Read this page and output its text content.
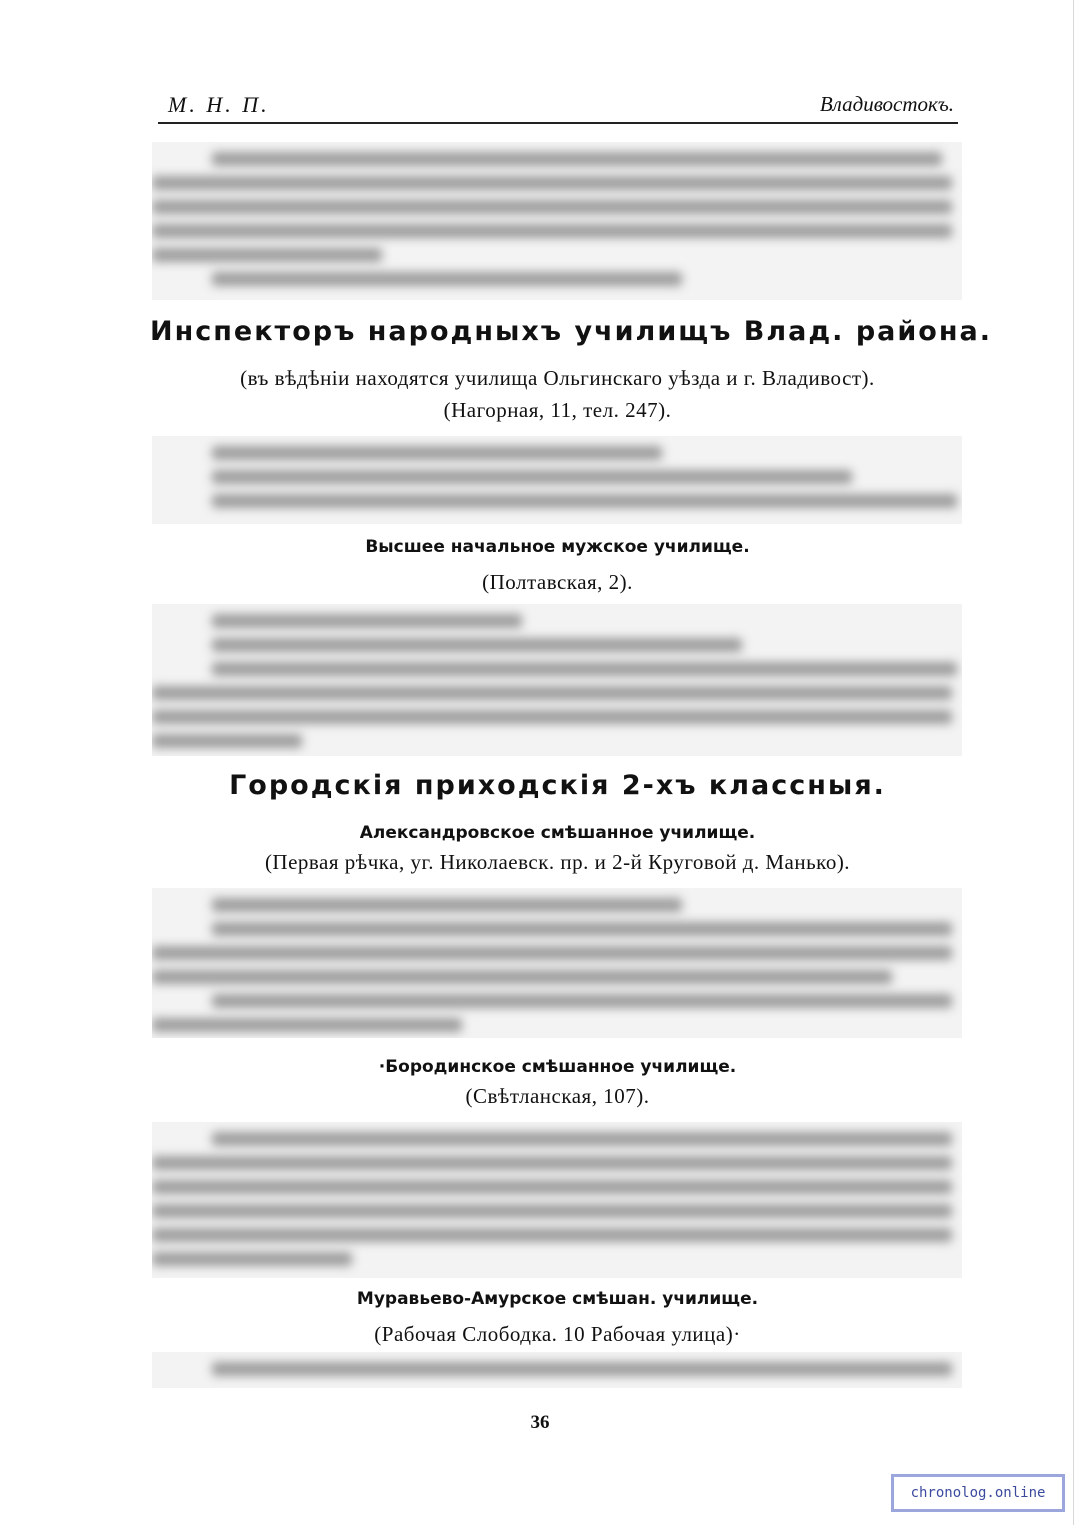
М. Н. П.	Владивостокъ.
Инспекторъ народныхъ училищъ Влад. района.
(въ вѣдѣніи находятся училища Ольгинскаго уѣзда и г. Владивост).
(Нагорная, 11, тел. 247).
Высшее начальное мужское училище.
(Полтавская, 2).
Городскія приходскія 2-хъ классныя.
Александровское смѣшанное училище.
(Первая рѣчка, уг. Николаевск. пр. и 2-й Круговой д. Манько).
·Бородинское смѣшанное училище.
(Свѣтланская, 107).
Муравьево-Амурское смѣшан. училище.
(Рабочая Слободка. 10 Рабочая улица)·
36
chronolog.online
